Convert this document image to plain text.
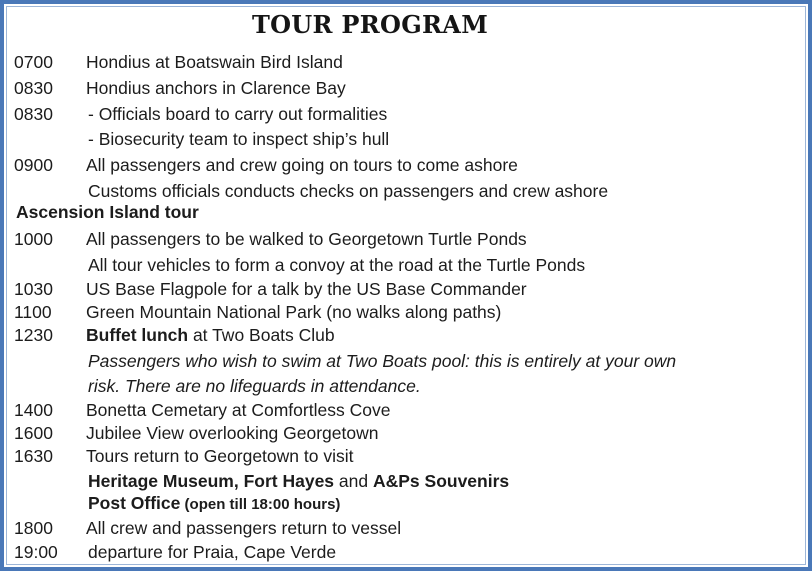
TOUR PROGRAM
0700 Hondius at Boatswain Bird Island
0830 Hondius anchors in Clarence Bay
0830 - Officials board to carry out formalities
- Biosecurity team to inspect ship’s hull
0900 All passengers and crew going on tours to come ashore
Customs officials conducts checks on passengers and crew ashore
Ascension Island tour
1000 All passengers to be walked to Georgetown Turtle Ponds
All tour vehicles to form a convoy at the road at the Turtle Ponds
1030 US Base Flagpole for a talk by the US Base Commander
1100 Green Mountain National Park (no walks along paths)
1230 Buffet lunch at Two Boats Club
Passengers who wish to swim at Two Boats pool: this is entirely at your own
risk. There are no lifeguards in attendance.
1400 Bonetta Cemetary at Comfortless Cove
1600 Jubilee View overlooking Georgetown
1630 Tours return to Georgetown to visit
Heritage Museum, Fort Hayes and A&Ps Souvenirs
Post Office (open till 18:00 hours)
1800 All crew and passengers return to vessel
19:00 departure for Praia, Cape Verde
